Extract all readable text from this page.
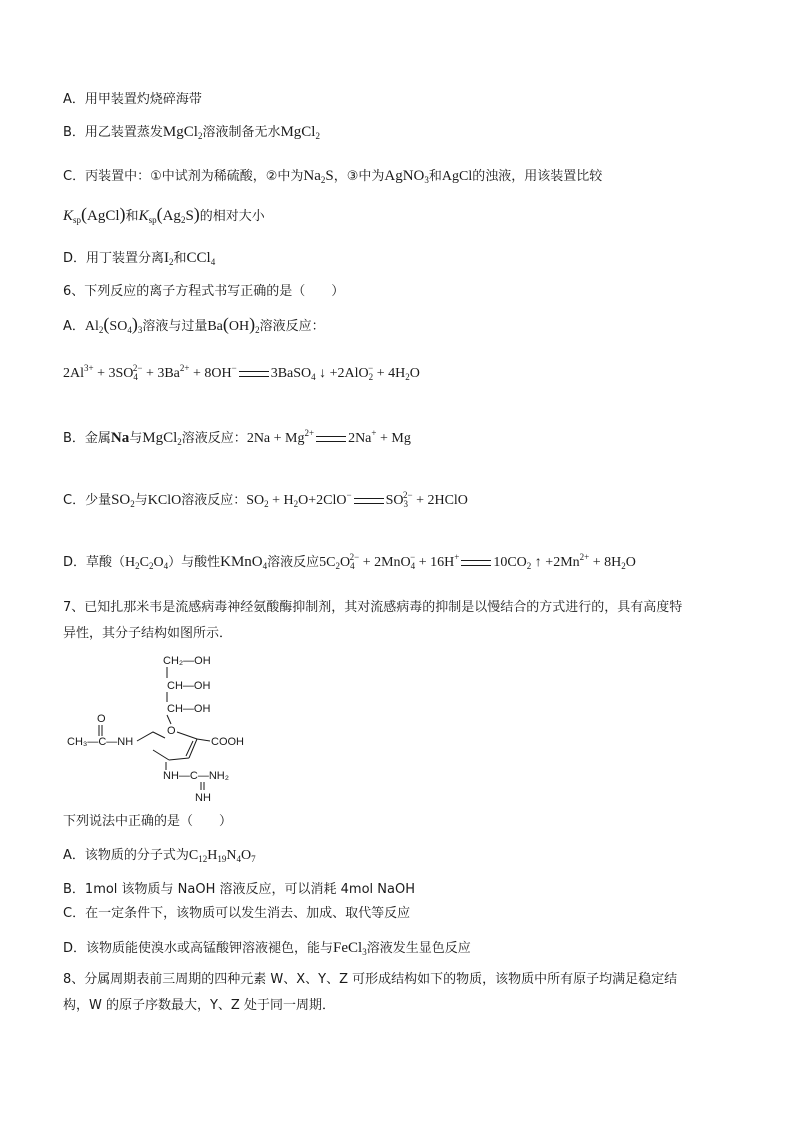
A．用甲装置灼烧碎海带
B．用乙装置蒸发MgCl$_2$溶液制备无水MgCl$_2$
C．丙装置中：①中试剂为稀硫酸，②中为$Na_2S$，③中为AgNO$_3$和AgCl的浊液，用该装置比较
$K_{sp}(AgCl)$和$K_{sp}(Ag_2S)$的相对大小
D．用丁装置分离$I_2$和CCl$_4$
6、下列反应的离子方程式书写正确的是（　　）
A．$Al_2(SO_4)_3$溶液与过量$Ba(OH)_2$溶液反应：
$2Al^{3+} + 3SO_4^{2-} + 3Ba^{2+} + 8OH^-$ 3BaSO$_4$ ↓ $+2AlO_2^- + 4H_2O$
B．金属Na与MgCl$_2$溶液反应：$2Na + Mg^{2+}$ 2Na+ + Mg
C．少量$SO_2$与KClO溶液反应：$SO_2 + H_2O+2ClO^-$ $SO_3^{2-}$ + 2HClO
D．草酸$(H_2C_2O_4)$与酸性KMnO$_4$溶液反应$5C_2O_4^{2-} + 2MnO_4^- + 16H^+$ $10CO_2$ ↑ $+2Mn^{2+} + 8H_2O$
7、已知扎那米韦是流感病毒神经氨酸酶抑制剂，其对流感病毒的抑制是以慢结合的方式进行的，具有高度特
异性，其分子结构如图所示．
CH₂—OH
CH—OH
CH—OH
O
O
CH₃—C—NH	COOH
NH—C—NH₂
NH
下列说法中正确的是（　　）
A．该物质的分子式为$C_{12}H_{19}N_4O_7$
B．1mol 该物质与 NaOH 溶液反应，可以消耗 4mol NaOH
C．在一定条件下，该物质可以发生消去、加成、取代等反应
D．该物质能使溴水或高锰酸钾溶液褪色，能与FeCl$_3$溶液发生显色反应
8、分属周期表前三周期的四种元素 W、X、Y、Z 可形成结构如下的物质，该物质中所有原子均满足稳定结
构，W 的原子序数最大，Y、Z 处于同一周期．
